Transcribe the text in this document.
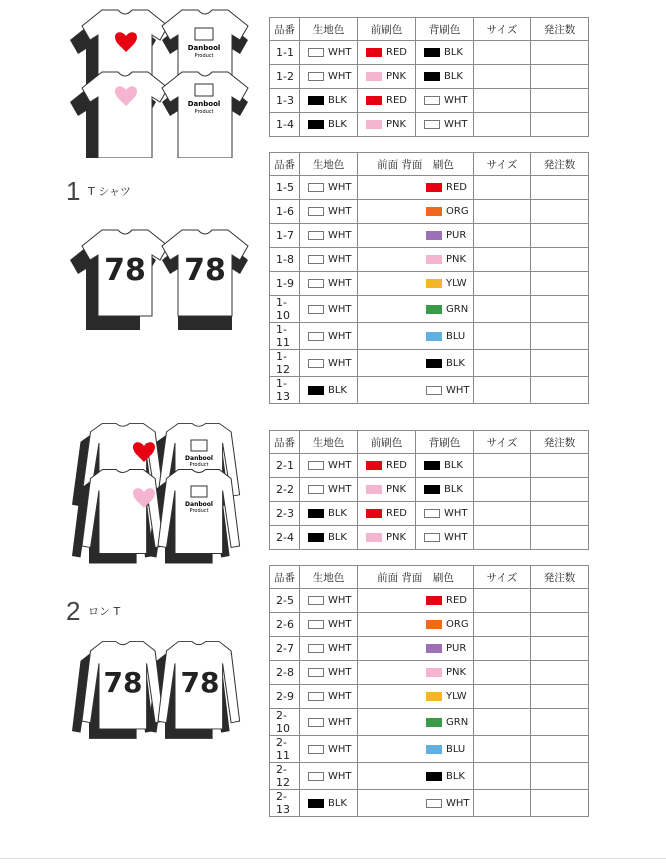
1 T シャツ
2 ロン T
Danbool
Product
Danbool
Product
78 78
Danbool
Product
Danbool
Product
78 78
品番	生地色	前刷色	背刷色	サイズ	発注数
1-1	WHT	RED	BLK		

1-2	WHT	PNK	BLK		

1-3	BLK	RED	WHT		

1-4	BLK	PNK	WHT		

品番	生地色	前面 背面　刷色	サイズ	発注数
1-5	WHT	RED		

1-6	WHT	ORG		

1-7	WHT	PUR		

1-8	WHT	PNK		

1-9	WHT	YLW		

1-10	WHT	GRN		

1-11	WHT	BLU		

1-12	WHT	BLK		

1-13	BLK	WHT		

品番	生地色	前刷色	背刷色	サイズ	発注数
2-1	WHT	RED	BLK		

2-2	WHT	PNK	BLK		

2-3	BLK	RED	WHT		

2-4	BLK	PNK	WHT		

品番	生地色	前面 背面　刷色	サイズ	発注数
2-5	WHT	RED		

2-6	WHT	ORG		

2-7	WHT	PUR		

2-8	WHT	PNK		

2-9	WHT	YLW		

2-10	WHT	GRN		

2-11	WHT	BLU		

2-12	WHT	BLK		

2-13	BLK	WHT		
